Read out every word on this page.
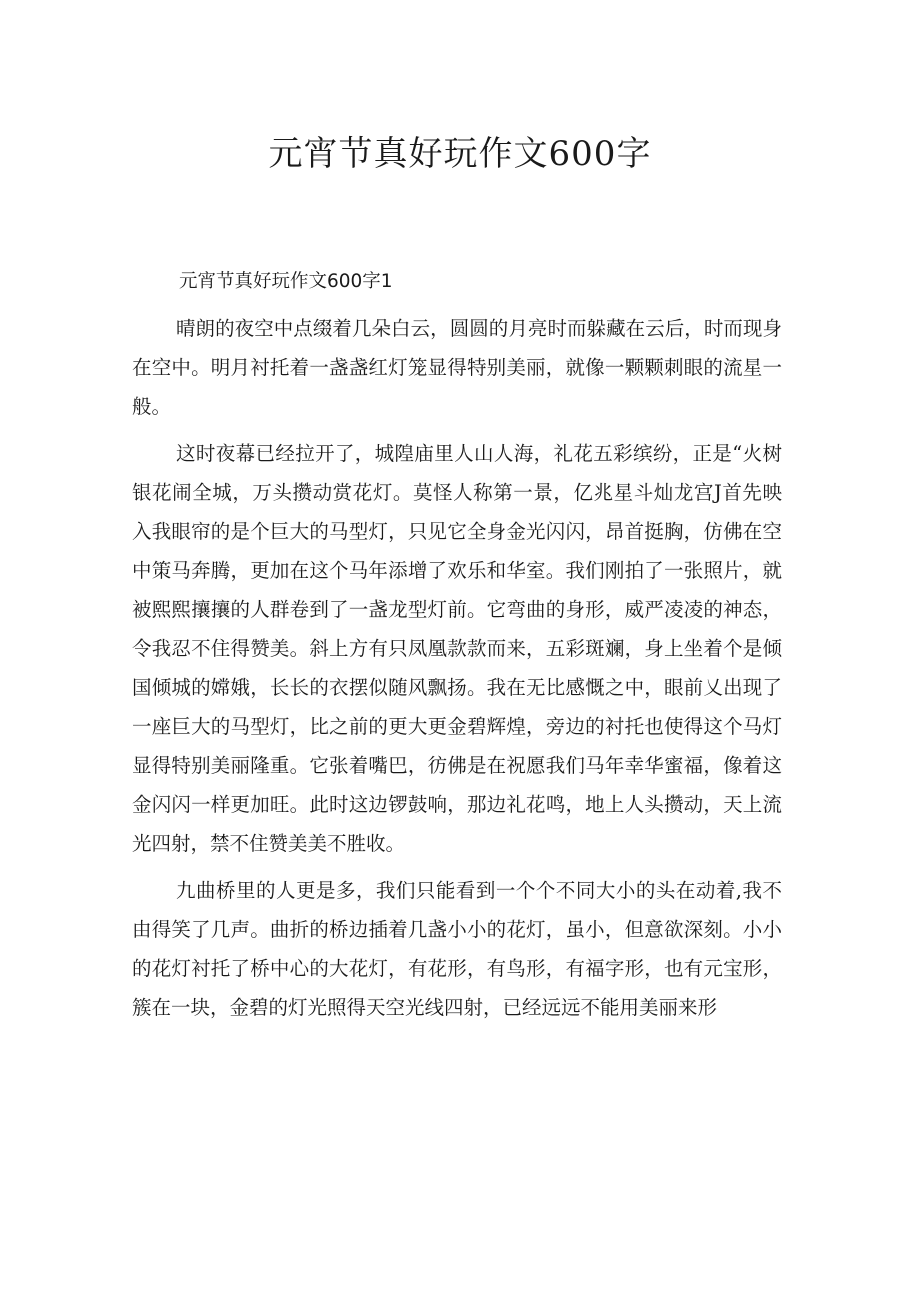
元宵节真好玩作文600字

元宵节真好玩作文600字1

晴朗的夜空中点缀着几朵白云，圆圆的月亮时而躲藏在云后，时而现身在空中。明月衬托着一盏盏红灯笼显得特别美丽，就像一颗颗刺眼的流星一般。

这时夜幕已经拉开了，城隍庙里人山人海，礼花五彩缤纷，正是“火树银花闹全城，万头攒动赏花灯。莫怪人称第一景，亿兆星斗灿龙宫J首先映入我眼帘的是个巨大的马型灯，只见它全身金光闪闪，昂首挺胸，仿佛在空中策马奔腾，更加在这个马年添增了欢乐和华室。我们刚拍了一张照片，就被熙熙攘攘的人群卷到了一盏龙型灯前。它弯曲的身形，威严凌凌的神态，令我忍不住得赞美。斜上方有只凤凰款款而来，五彩斑斓，身上坐着个是倾国倾城的嫦娥，长长的衣摆似随风飘扬。我在无比感慨之中，眼前乂出现了一座巨大的马型灯，比之前的更大更金碧辉煌，旁边的衬托也使得这个马灯显得特别美丽隆重。它张着嘴巴，彷佛是在祝愿我们马年幸华蜜福，像着这金闪闪一样更加旺。此时这边锣鼓响，那边礼花鸣，地上人头攒动，天上流光四射，禁不住赞美美不胜收。

九曲桥里的人更是多，我们只能看到一个个不同大小的头在动着,我不由得笑了几声。曲折的桥边插着几盏小小的花灯，虽小，但意欲深刻。小小的花灯衬托了桥中心的大花灯，有花形，有鸟形，有福字形，也有元宝形，簇在一块，金碧的灯光照得天空光线四射，已经远远不能用美丽来形
